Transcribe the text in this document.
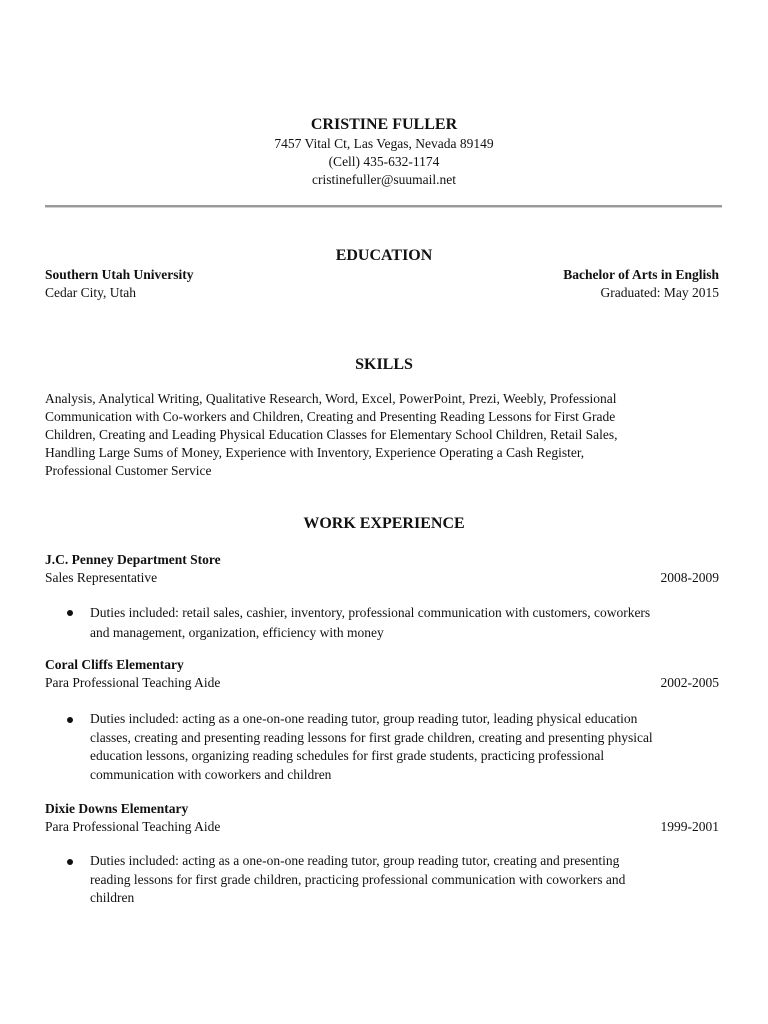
CRISTINE FULLER
7457 Vital Ct, Las Vegas, Nevada 89149
(Cell) 435-632-1174
cristinefuller@suumail.net
EDUCATION
Southern Utah University	Bachelor of Arts in English
Cedar City, Utah	Graduated: May 2015
SKILLS
Analysis, Analytical Writing, Qualitative Research, Word, Excel, PowerPoint, Prezi, Weebly, Professional
Communication with Co-workers and Children, Creating and Presenting Reading Lessons for First Grade
Children, Creating and Leading Physical Education Classes for Elementary School Children, Retail Sales,
Handling Large Sums of Money, Experience with Inventory, Experience Operating a Cash Register,
Professional Customer Service
WORK EXPERIENCE
J.C. Penney Department Store
Sales Representative	2008-2009
Duties included: retail sales, cashier, inventory, professional communication with customers, coworkers
and management, organization, efficiency with money
Coral Cliffs Elementary
Para Professional Teaching Aide	2002-2005
Duties included: acting as a one-on-one reading tutor, group reading tutor, leading physical education
classes, creating and presenting reading lessons for first grade children, creating and presenting physical
education lessons, organizing reading schedules for first grade students, practicing professional
communication with coworkers and children
Dixie Downs Elementary
Para Professional Teaching Aide	1999-2001
Duties included: acting as a one-on-one reading tutor, group reading tutor, creating and presenting
reading lessons for first grade children, practicing professional communication with coworkers and
children
